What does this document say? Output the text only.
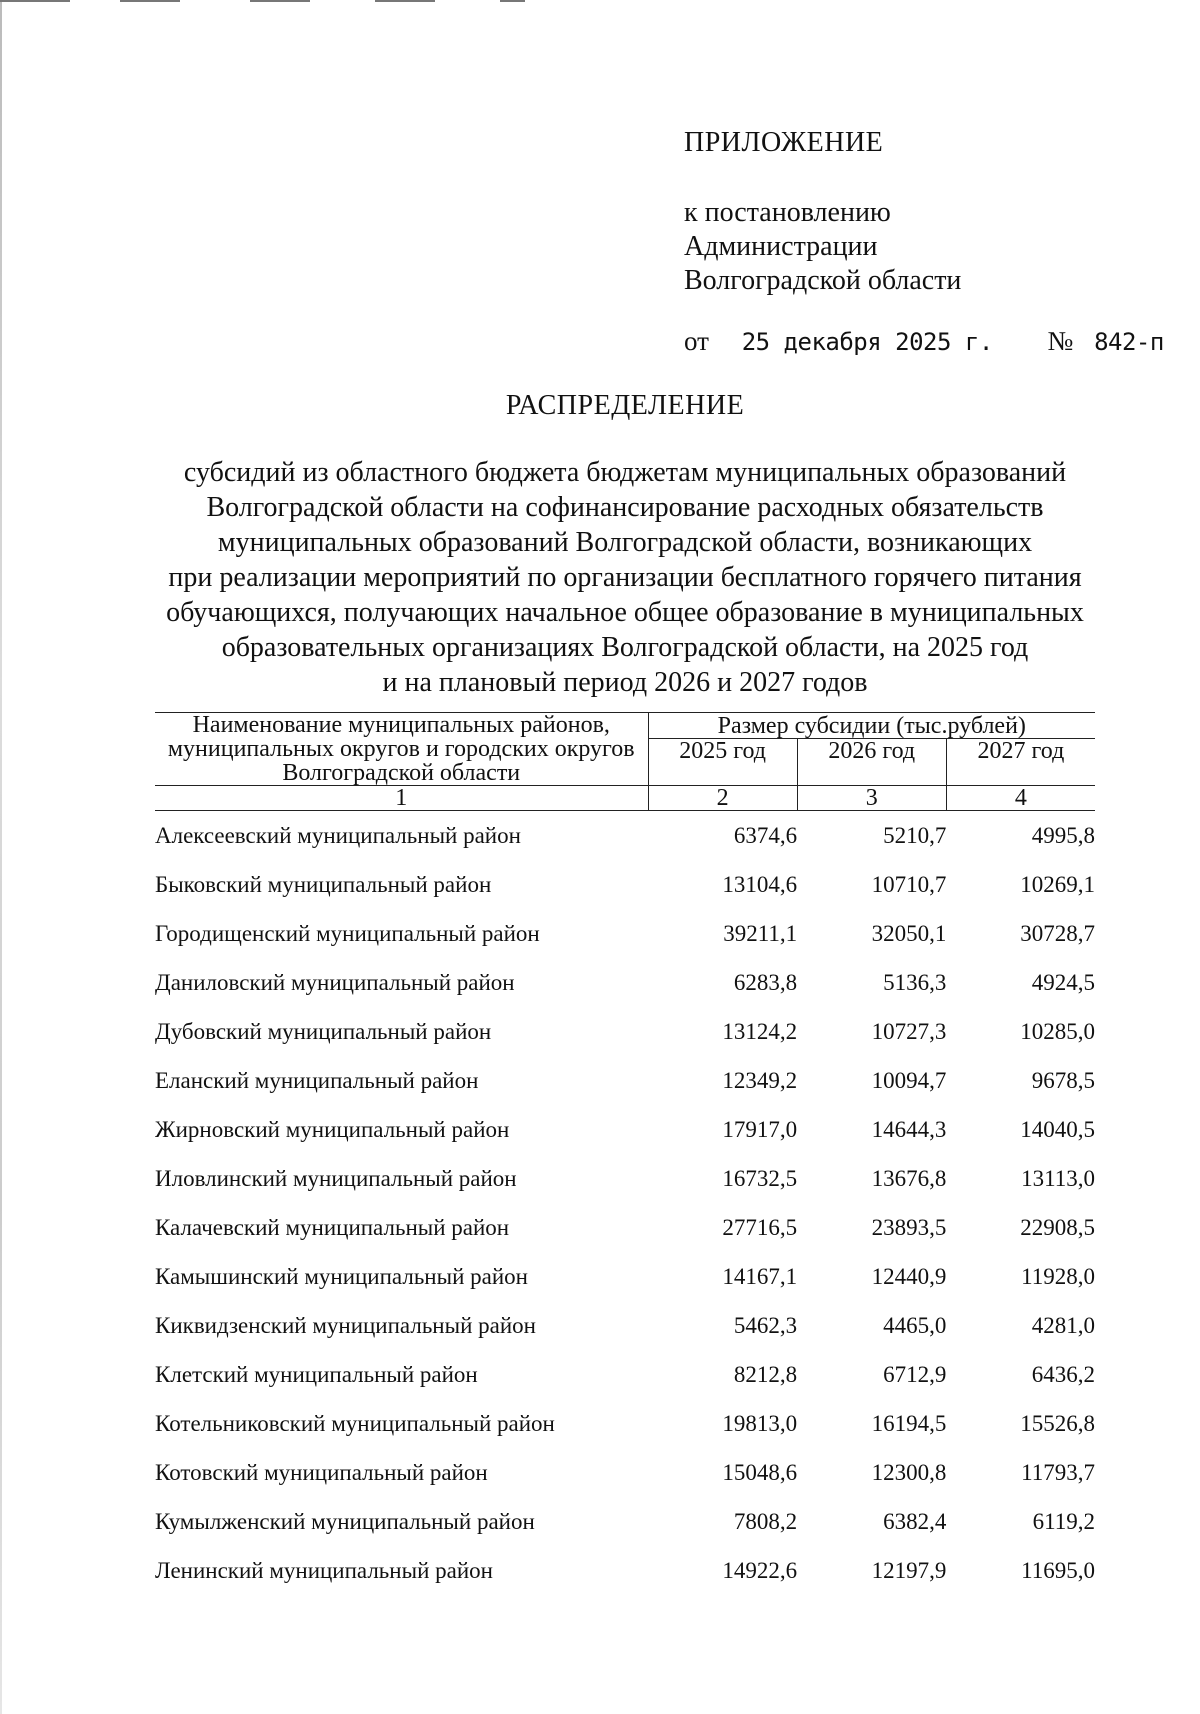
ПРИЛОЖЕНИЕ
к постановлению
Администрации
Волгоградской области
от 25 декабря 2025 г. № 842-п
РАСПРЕДЕЛЕНИЕ
субсидий из областного бюджета бюджетам муниципальных образований
Волгоградской области на софинансирование расходных обязательств
муниципальных образований Волгоградской области, возникающих
при реализации мероприятий по организации бесплатного горячего питания
обучающихся, получающих начальное общее образование в муниципальных
образовательных организациях Волгоградской области, на 2025 год
и на плановый период 2026 и 2027 годов
Наименование муниципальных районов,
муниципальных округов и городских округов
Волгоградской области	Размер субсидии (тыс.рублей)		
	2025 год	2026 год	2027 год
1	2	3	4
Алексеевский муниципальный район	6374,6	5210,7	4995,8
Быковский муниципальный район	13104,6	10710,7	10269,1
Городищенский муниципальный район	39211,1	32050,1	30728,7
Даниловский муниципальный район	6283,8	5136,3	4924,5
Дубовский муниципальный район	13124,2	10727,3	10285,0
Еланский муниципальный район	12349,2	10094,7	9678,5
Жирновский муниципальный район	17917,0	14644,3	14040,5
Иловлинский муниципальный район	16732,5	13676,8	13113,0
Калачевский муниципальный район	27716,5	23893,5	22908,5
Камышинский муниципальный район	14167,1	12440,9	11928,0
Киквидзенский муниципальный район	5462,3	4465,0	4281,0
Клетский муниципальный район	8212,8	6712,9	6436,2
Котельниковский муниципальный район	19813,0	16194,5	15526,8
Котовский муниципальный район	15048,6	12300,8	11793,7
Кумылженский муниципальный район	7808,2	6382,4	6119,2
Ленинский муниципальный район	14922,6	12197,9	11695,0
